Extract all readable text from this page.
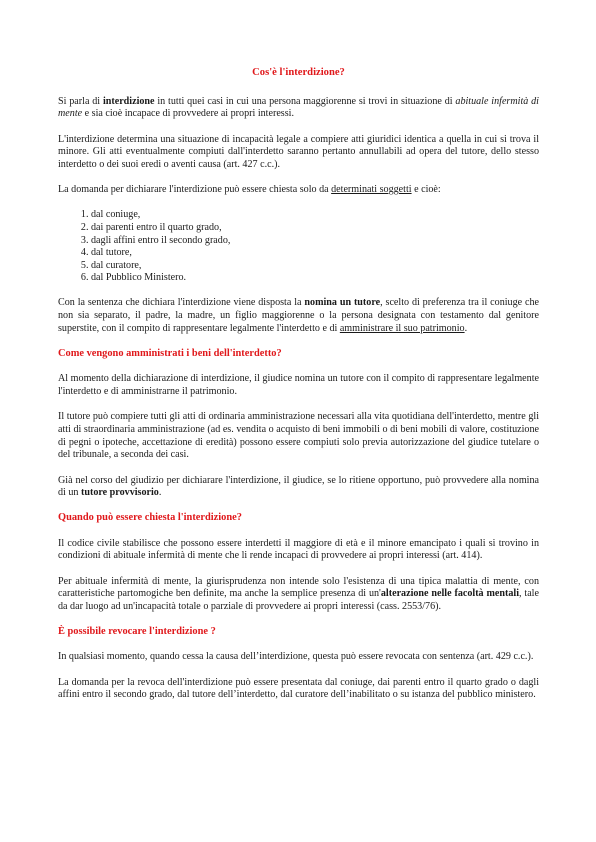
Cos'è l'interdizione?

Si parla di interdizione in tutti quei casi in cui una persona maggiorenne si trovi in situazione di abituale infermità di mente e sia cioè incapace di provvedere ai propri interessi.

L'interdizione determina una situazione di incapacità legale a compiere atti giuridici identica a quella in cui si trova il minore. Gli atti eventualmente compiuti dall'interdetto saranno pertanto annullabili ad opera del tutore, dello stesso interdetto o dei suoi eredi o aventi causa (art. 427 c.c.).

La domanda per dichiarare l'interdizione può essere chiesta solo da determinati soggetti e cioè:

1. dal coniuge,
2. dai parenti entro il quarto grado,
3. dagli affini entro il secondo grado,
4. dal tutore,
5. dal curatore,
6. dal Pubblico Ministero.

Con la sentenza che dichiara l'interdizione viene disposta la nomina un tutore, scelto di preferenza tra il coniuge che non sia separato, il padre, la madre, un figlio maggiorenne o la persona designata con testamento dal genitore superstite, con il compito di rappresentare legalmente l'interdetto e di amministrare il suo patrimonio.

Come vengono amministrati i beni dell'interdetto?

Al momento della dichiarazione di interdizione, il giudice nomina un tutore con il compito di rappresentare legalmente l'interdetto e di amministrarne il patrimonio.

Il tutore può compiere tutti gli atti di ordinaria amministrazione necessari alla vita quotidiana dell'interdetto, mentre gli atti di straordinaria amministrazione (ad es. vendita o acquisto di beni immobili o di beni mobili di valore, costituzione di pegni o ipoteche, accettazione di eredità) possono essere compiuti solo previa autorizzazione del giudice tutelare o del tribunale, a seconda dei casi.

Già nel corso del giudizio per dichiarare l'interdizione, il giudice, se lo ritiene opportuno, può provvedere alla nomina di un tutore provvisorio.

Quando può essere chiesta l'interdizione?

Il codice civile stabilisce che possono essere interdetti il maggiore di età e il minore emancipato i quali si trovino in condizioni di abituale infermità di mente che li rende incapaci di provvedere ai propri interessi (art. 414).

Per abituale infermità di mente, la giurisprudenza non intende solo l'esistenza di una tipica malattia di mente, con caratteristiche partomogiche ben definite, ma anche la semplice presenza di un'alterazione nelle facoltà mentali, tale da dar luogo ad un'incapacità totale o parziale di provvedere ai propri interessi (cass. 2553/76).

È possibile revocare l'interdizione ?

In qualsiasi momento, quando cessa la causa dell’interdizione, questa può essere revocata con sentenza (art. 429 c.c.).

La domanda per la revoca dell'interdizione può essere presentata dal coniuge, dai parenti entro il quarto grado o dagli affini entro il secondo grado, dal tutore dell’interdetto, dal curatore dell’inabilitato o su istanza del pubblico ministero.
